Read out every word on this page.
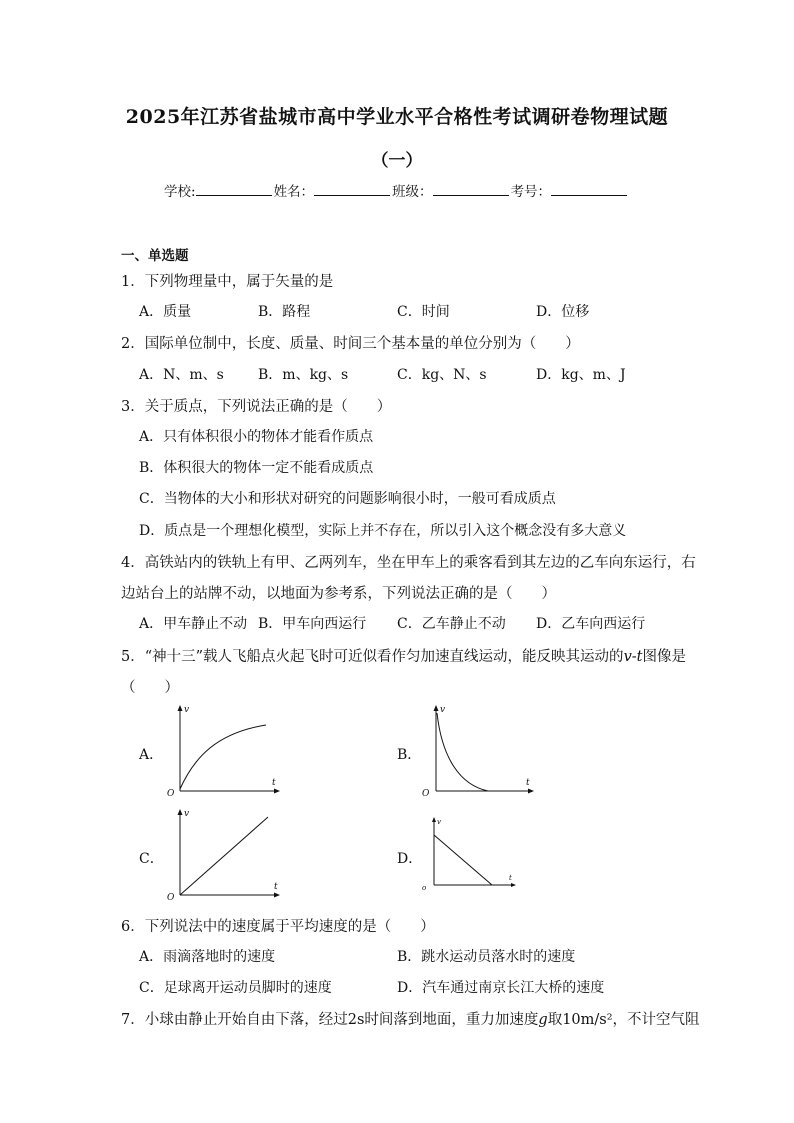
2025年江苏省盐城市高中学业水平合格性考试调研卷物理试题
（一）
学校:	姓名：	班级：	考号：
一、单选题
1．下列物理量中，属于矢量的是
A．质量	B．路程	C．时间	D．位移
2．国际单位制中，长度、质量、时间三个基本量的单位分别为（　　）
A．N、m、s B．m、kg、s	C．kg、N、s	D．kg、m、J
3．关于质点，下列说法正确的是（　　）
A．只有体积很小的物体才能看作质点
B．体积很大的物体一定不能看成质点
C．当物体的大小和形状对研究的问题影响很小时，一般可看成质点
D．质点是一个理想化模型，实际上并不存在，所以引入这个概念没有多大意义
4．高铁站内的铁轨上有甲、乙两列车，坐在甲车上的乘客看到其左边的乙车向东运行，右
边站台上的站牌不动，以地面为参考系，下列说法正确的是（　　）
A．甲车静止不动 B．甲车向西运行 C．乙车静止不动 D．乙车向西运行
5．“神十三”载人飞船点火起飞时可近似看作匀加速直线运动，能反映其运动的v-t图像是
（　　）
A．	B．
C．	D．
v
t
O
v
t
O
v
t
O
v
t
o
6．下列说法中的速度属于平均速度的是（　　）
A．雨滴落地时的速度	B．跳水运动员落水时的速度
C．足球离开运动员脚时的速度	D．汽车通过南京长江大桥的速度
7．小球由静止开始自由下落，经过2s时间落到地面，重力加速度g取10m/s²，不计空气阻
